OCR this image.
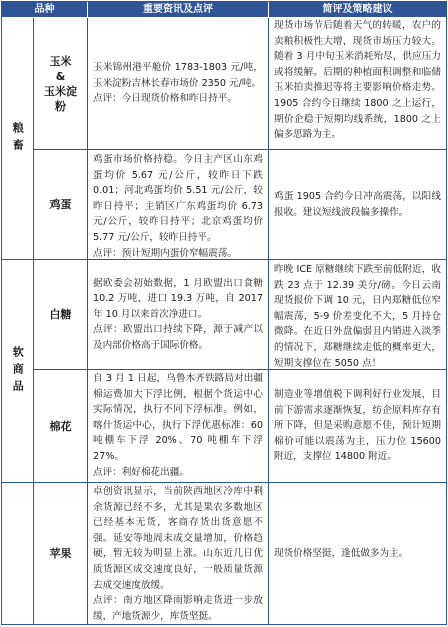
品种	重要资讯及点评	简评及策略建议
粮畜
软商品
玉米
&
玉米淀粉
玉米锦州港平舱价 1783-1803 元/吨，玉米淀粉吉林长春市场价 2350 元/吨。
点评：今日现货价格和昨日持平。
现货市场节后随着天气的转暖，农户的卖粮积极性大增，现货市场压力较大。随着 3 月中旬玉米消耗殆尽，供应压力或将缓解。后期的种植面积调整和临储玉米拍卖推迟等将主要影响价格走势。1905 合约今日继续 1800 之上运行，期价企稳于短期均线系统，1800 之上偏多思路为主。
鸡蛋
鸡蛋市场价格持稳。今日主产区山东鸡蛋均价 5.67 元/公斤，较昨日下跌 0.01；河北鸡蛋均价 5.51 元/公斤，较昨日持平；主销区广东鸡蛋均价 6.73 元/公斤，较昨日持平；北京鸡蛋均价 5.77 元/公斤，较昨日持平。
点评：预计短期内蛋价窄幅震荡。
鸡蛋 1905 合约今日冲高震荡，以阳线报收。建议短线波段偏多操作。
白糖
据欧委会初始数据，1 月欧盟出口食糖 10.2 万吨，进口 19.3 万吨，自 2017 年 10 月以来首次净进口。
点评：欧盟出口持续下降，源于减产以及内部价格高于国际价格。
昨晚 ICE 原糖继续下跌至前低附近，收跌 23 点于 12.39 美分/磅。今日云南现货报价下调 10 元，日内郑糖低位窄幅震荡，5-9 价差变化不大，5 月持仓微降。在近日外盘偏弱且内销进入淡季的情况下，郑糖继续走低的概率更大，短期支撑位在 5050 点！
棉花
自 3 月 1 日起，乌鲁木齐铁路局对出疆棉运费加大下浮比例，根据个货运中心实际情况，执行不同下浮标准。例如，喀什货运中心，执行下浮优惠标准：60 吨棚车下浮 20%、70 吨棚车下浮 27%。
点评：利好棉花出疆。
制造业等增值税下调利好行业发展，目前下游需求逐渐恢复，纺企原料库存有所下降，但是采购意愿不佳，预计短期棉价可能以震荡为主，压力位 15600 附近，支撑位 14800 附近。
苹果
卓创资讯显示，当前陕西地区冷库中剩余货源已经不多，尤其是果农多数地区已经基本无货，客商存货出货意愿不强。延安等地周末成交量增加，价格趋硬，暂无较为明显上涨。山东近几日优质货源区成交速度良好，一般质量货源去成交速度放缓。
点评：南方地区降雨影响走货进一步放缓，产地货源少，库货坚挺。
现货价格坚挺，逢低做多为主。
